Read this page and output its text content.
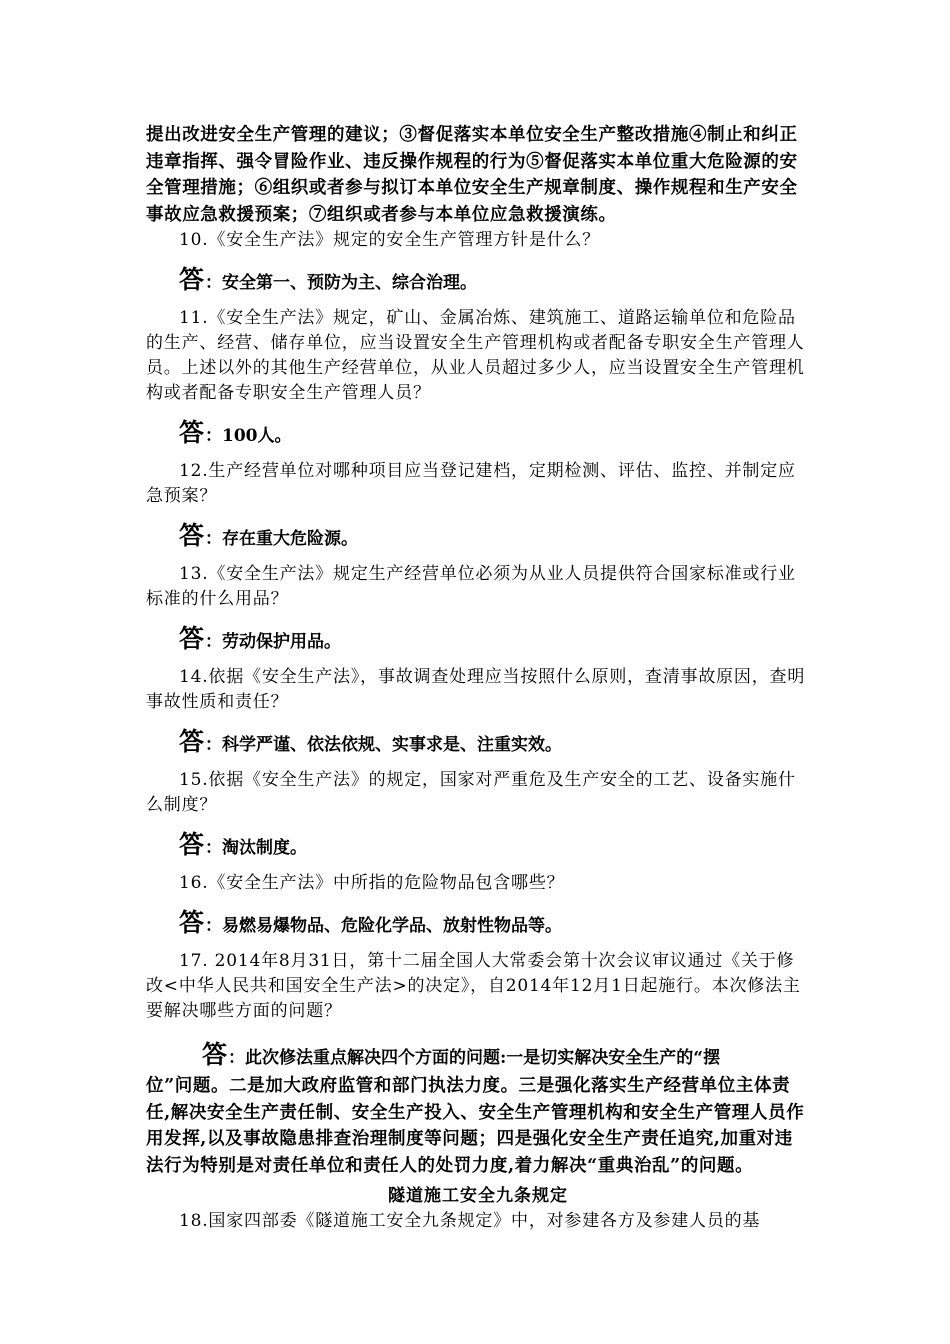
提出改进安全生产管理的建议；③督促落实本单位安全生产整改措施④制止和纠正违章指挥、强令冒险作业、违反操作规程的行为⑤督促落实本单位重大危险源的安全管理措施；⑥组织或者参与拟订本单位安全生产规章制度、操作规程和生产安全事故应急救援预案；⑦组织或者参与本单位应急救援演练。

10.《安全生产法》规定的安全生产管理方针是什么？

答：安全第一、预防为主、综合治理。

11.《安全生产法》规定，矿山、金属冶炼、建筑施工、道路运输单位和危险品的生产、经营、储存单位，应当设置安全生产管理机构或者配备专职安全生产管理人员。上述以外的其他生产经营单位，从业人员超过多少人，应当设置安全生产管理机构或者配备专职安全生产管理人员？

答：100人。

12.生产经营单位对哪种项目应当登记建档，定期检测、评估、监控、并制定应急预案？

答：存在重大危险源。

13.《安全生产法》规定生产经营单位必须为从业人员提供符合国家标准或行业标准的什么用品？

答：劳动保护用品。

14.依据《安全生产法》，事故调查处理应当按照什么原则，查清事故原因，查明事故性质和责任？

答：科学严谨、依法依规、实事求是、注重实效。

15.依据《安全生产法》的规定，国家对严重危及生产安全的工艺、设备实施什么制度？

答：淘汰制度。

16.《安全生产法》中所指的危险物品包含哪些？

答：易燃易爆物品、危险化学品、放射性物品等。

17. 2014年8月31日，第十二届全国人大常委会第十次会议审议通过《关于修改<中华人民共和国安全生产法>的决定》，自2014年12月1日起施行。本次修法主要解决哪些方面的问题？

答：此次修法重点解决四个方面的问题:一是切实解决安全生产的“摆

位”问题。二是加大政府监管和部门执法力度。三是强化落实生产经营单位主体责任,解决安全生产责任制、安全生产投入、安全生产管理机构和安全生产管理人员作用发挥,以及事故隐患排查治理制度等问题；四是强化安全生产责任追究,加重对违法行为特别是对责任单位和责任人的处罚力度,着力解决“重典治乱”的问题。

隧道施工安全九条规定

18.国家四部委《隧道施工安全九条规定》中，对参建各方及参建人员的基
